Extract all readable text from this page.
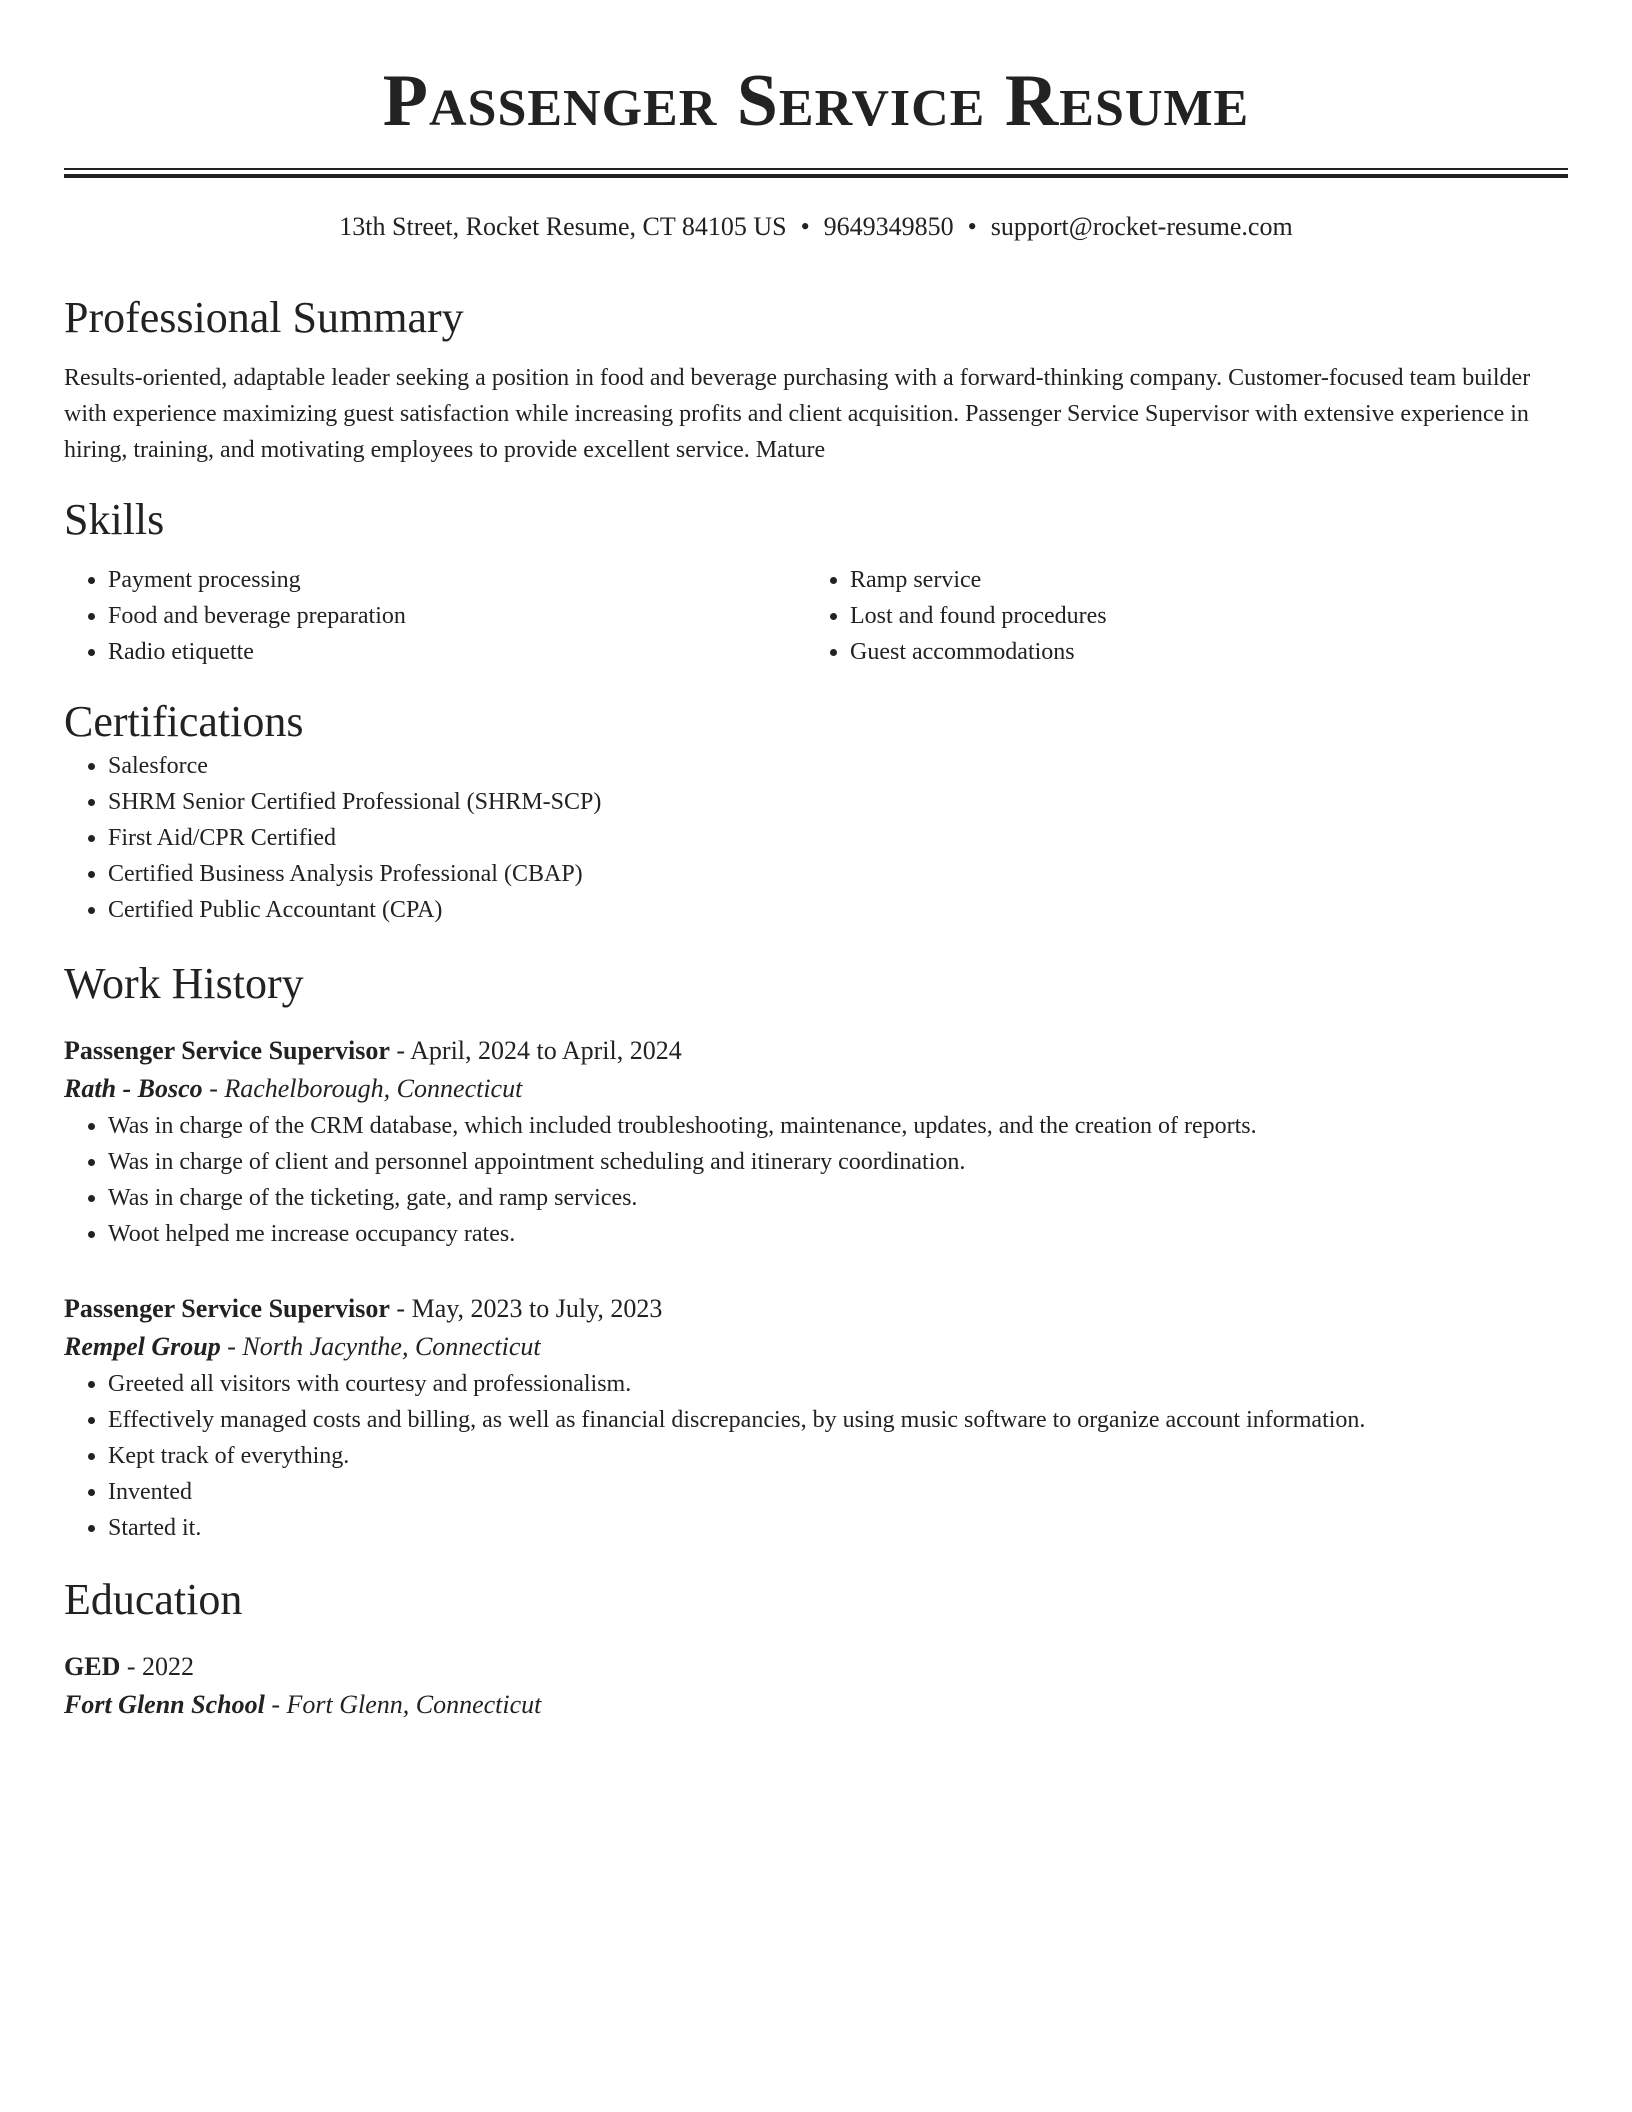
Passenger Service Resume
13th Street, Rocket Resume, CT 84105 US • 9649349850 • support@rocket-resume.com
Professional Summary

Results-oriented, adaptable leader seeking a position in food and beverage purchasing with a forward-thinking company. Customer-focused team builder with experience maximizing guest satisfaction while increasing profits and client acquisition. Passenger Service Supervisor with extensive experience in hiring, training, and motivating employees to provide excellent service. Mature

Skills
• Payment processing
• Food and beverage preparation
• Radio etiquette
• Ramp service
• Lost and found procedures
• Guest accommodations
Certifications
• Salesforce
• SHRM Senior Certified Professional (SHRM-SCP)
• First Aid/CPR Certified
• Certified Business Analysis Professional (CBAP)
• Certified Public Accountant (CPA)
Work History
Passenger Service Supervisor - April, 2024 to April, 2024
Rath - Bosco - Rachelborough, Connecticut
• Was in charge of the CRM database, which included troubleshooting, maintenance, updates, and the creation of reports.
• Was in charge of client and personnel appointment scheduling and itinerary coordination.
• Was in charge of the ticketing, gate, and ramp services.
• Woot helped me increase occupancy rates.
Passenger Service Supervisor - May, 2023 to July, 2023
Rempel Group - North Jacynthe, Connecticut
• Greeted all visitors with courtesy and professionalism.
• Effectively managed costs and billing, as well as financial discrepancies, by using music software to organize account information.
• Kept track of everything.
• Invented
• Started it.
Education
GED - 2022
Fort Glenn School - Fort Glenn, Connecticut
